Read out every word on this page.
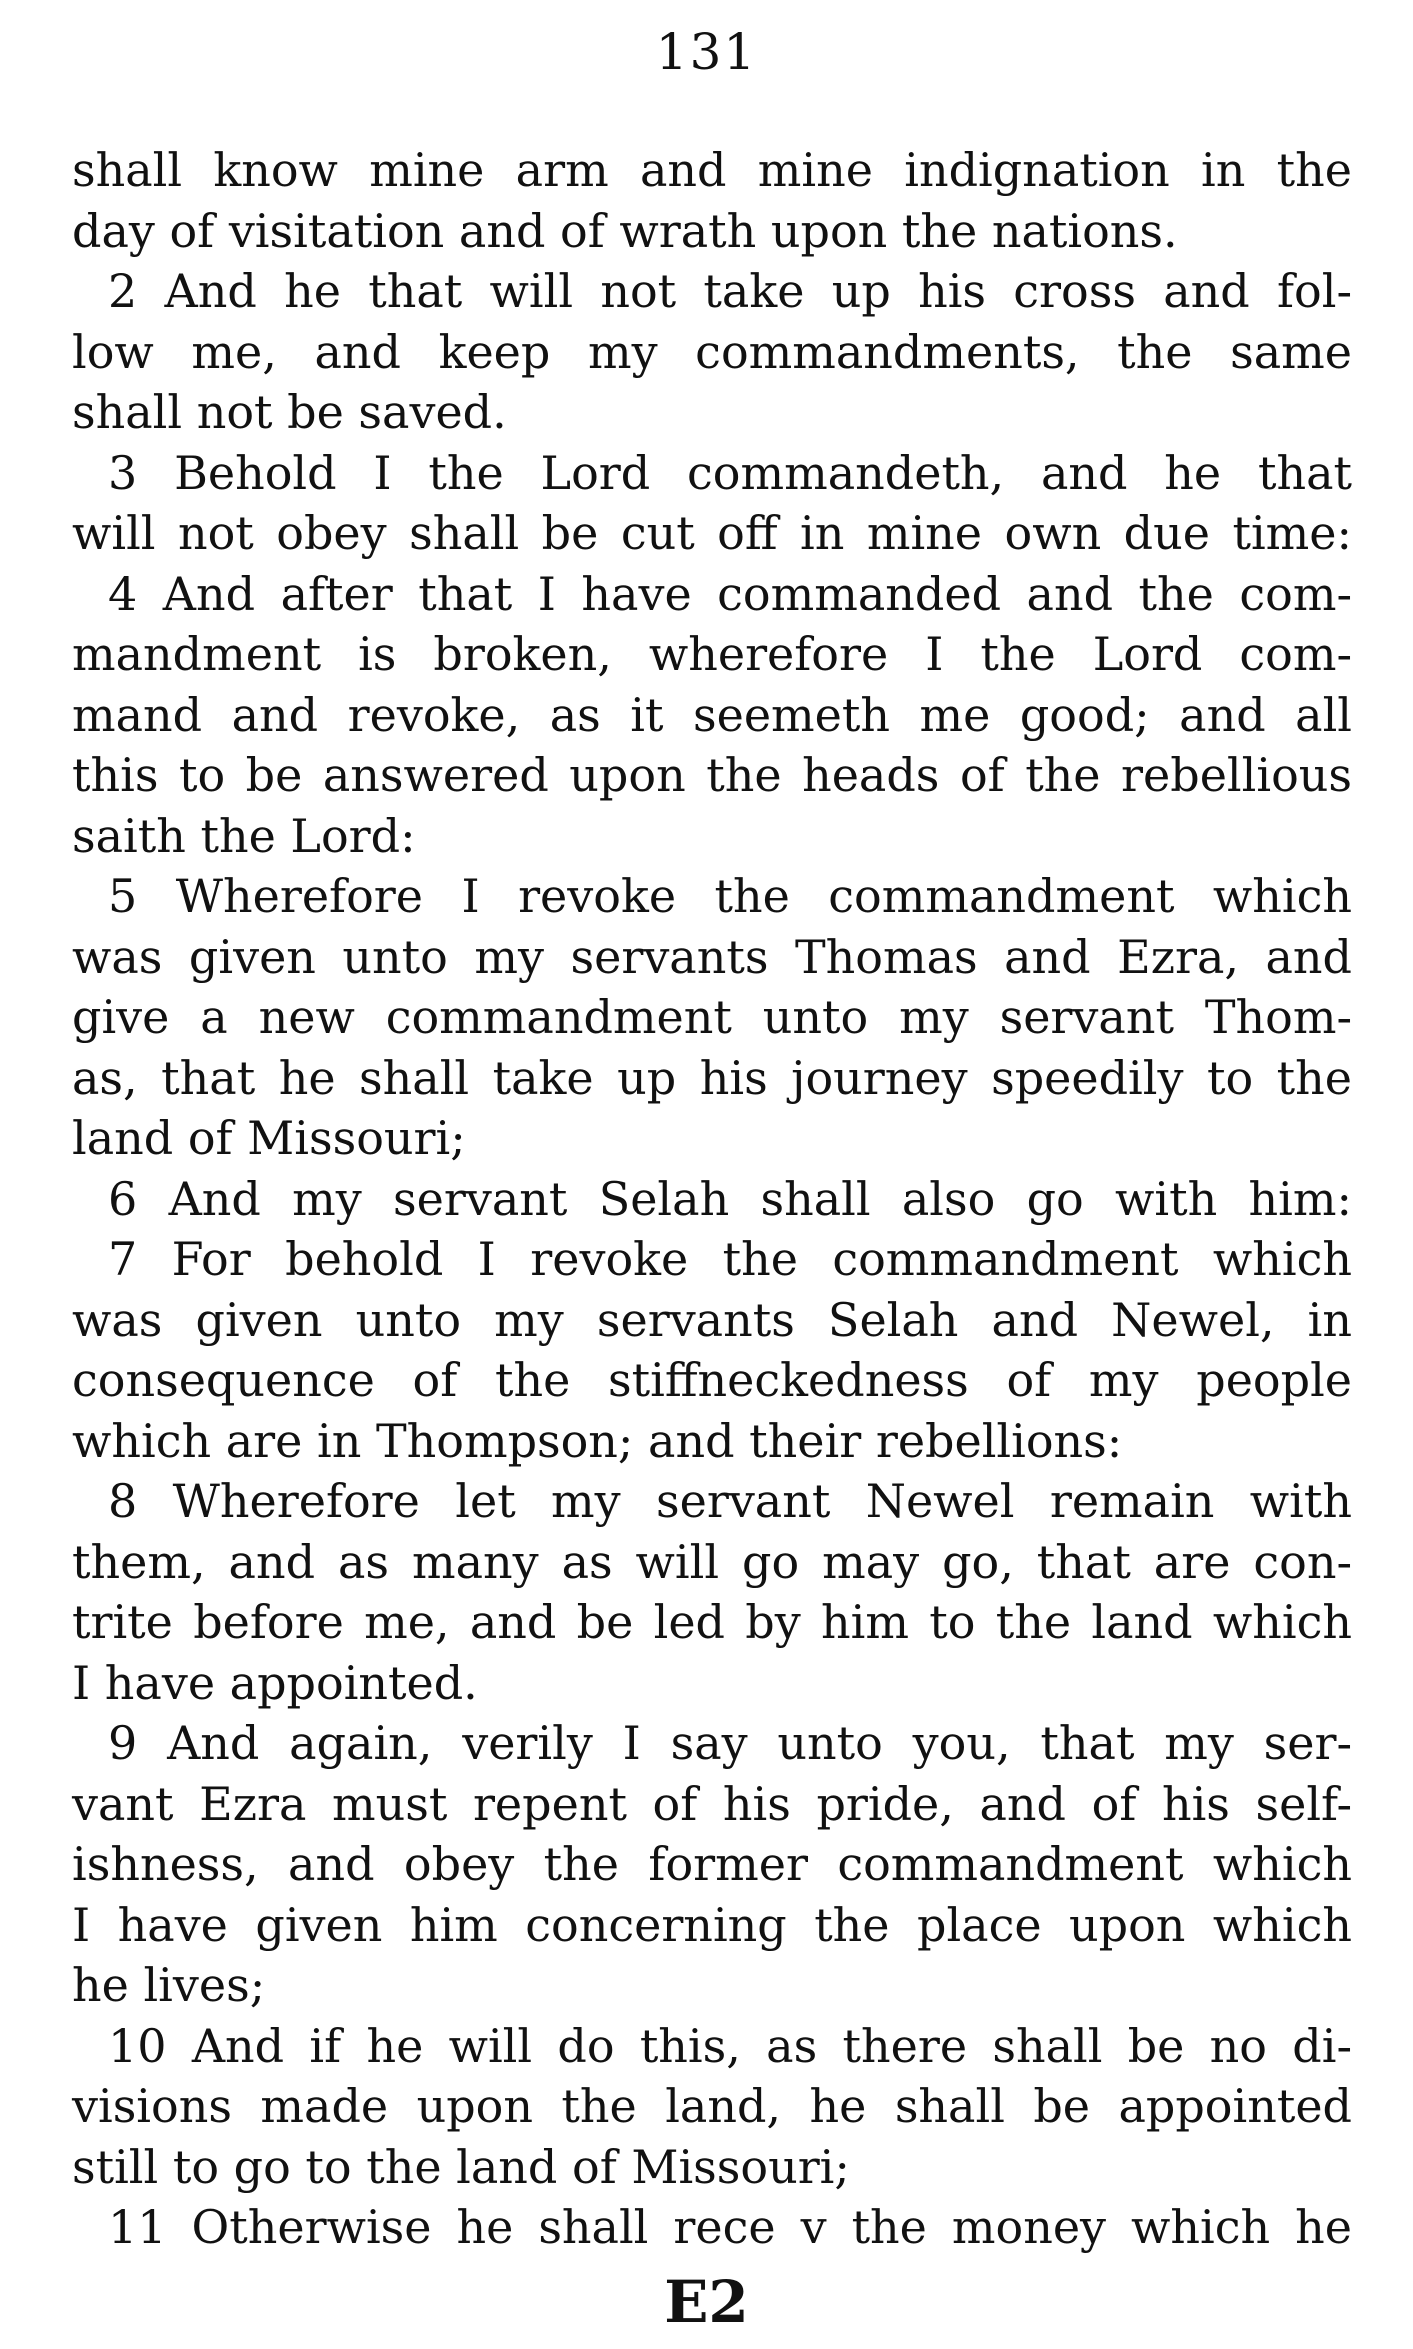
131
shall know mine arm and mine indignation in the
day of visitation and of wrath upon the nations.
2 And he that will not take up his cross and fol-
low me, and keep my commandments, the same
shall not be saved.
3 Behold I the Lord commandeth, and he that
will not obey shall be cut off in mine own due time:
4 And after that I have commanded and the com-
mandment is broken, wherefore I the Lord com-
mand and revoke, as it seemeth me good; and all
this to be answered upon the heads of the rebellious
saith the Lord:
5 Wherefore I revoke the commandment which
was given unto my servants Thomas and Ezra, and
give a new commandment unto my servant Thom-
as, that he shall take up his journey speedily to the
land of Missouri;
6 And my servant Selah shall also go with him:
7 For behold I revoke the commandment which
was given unto my servants Selah and Newel, in
consequence of the stiffneckedness of my people
which are in Thompson; and their rebellions:
8 Wherefore let my servant Newel remain with
them, and as many as will go may go, that are con-
trite before me, and be led by him to the land which
I have appointed.
9 And again, verily I say unto you, that my ser-
vant Ezra must repent of his pride, and of his self-
ishness, and obey the former commandment which
I have given him concerning the place upon which
he lives;
10 And if he will do this, as there shall be no di-
visions made upon the land, he shall be appointed
still to go to the land of Missouri;
11 Otherwise he shall rece v the money which he
E2
